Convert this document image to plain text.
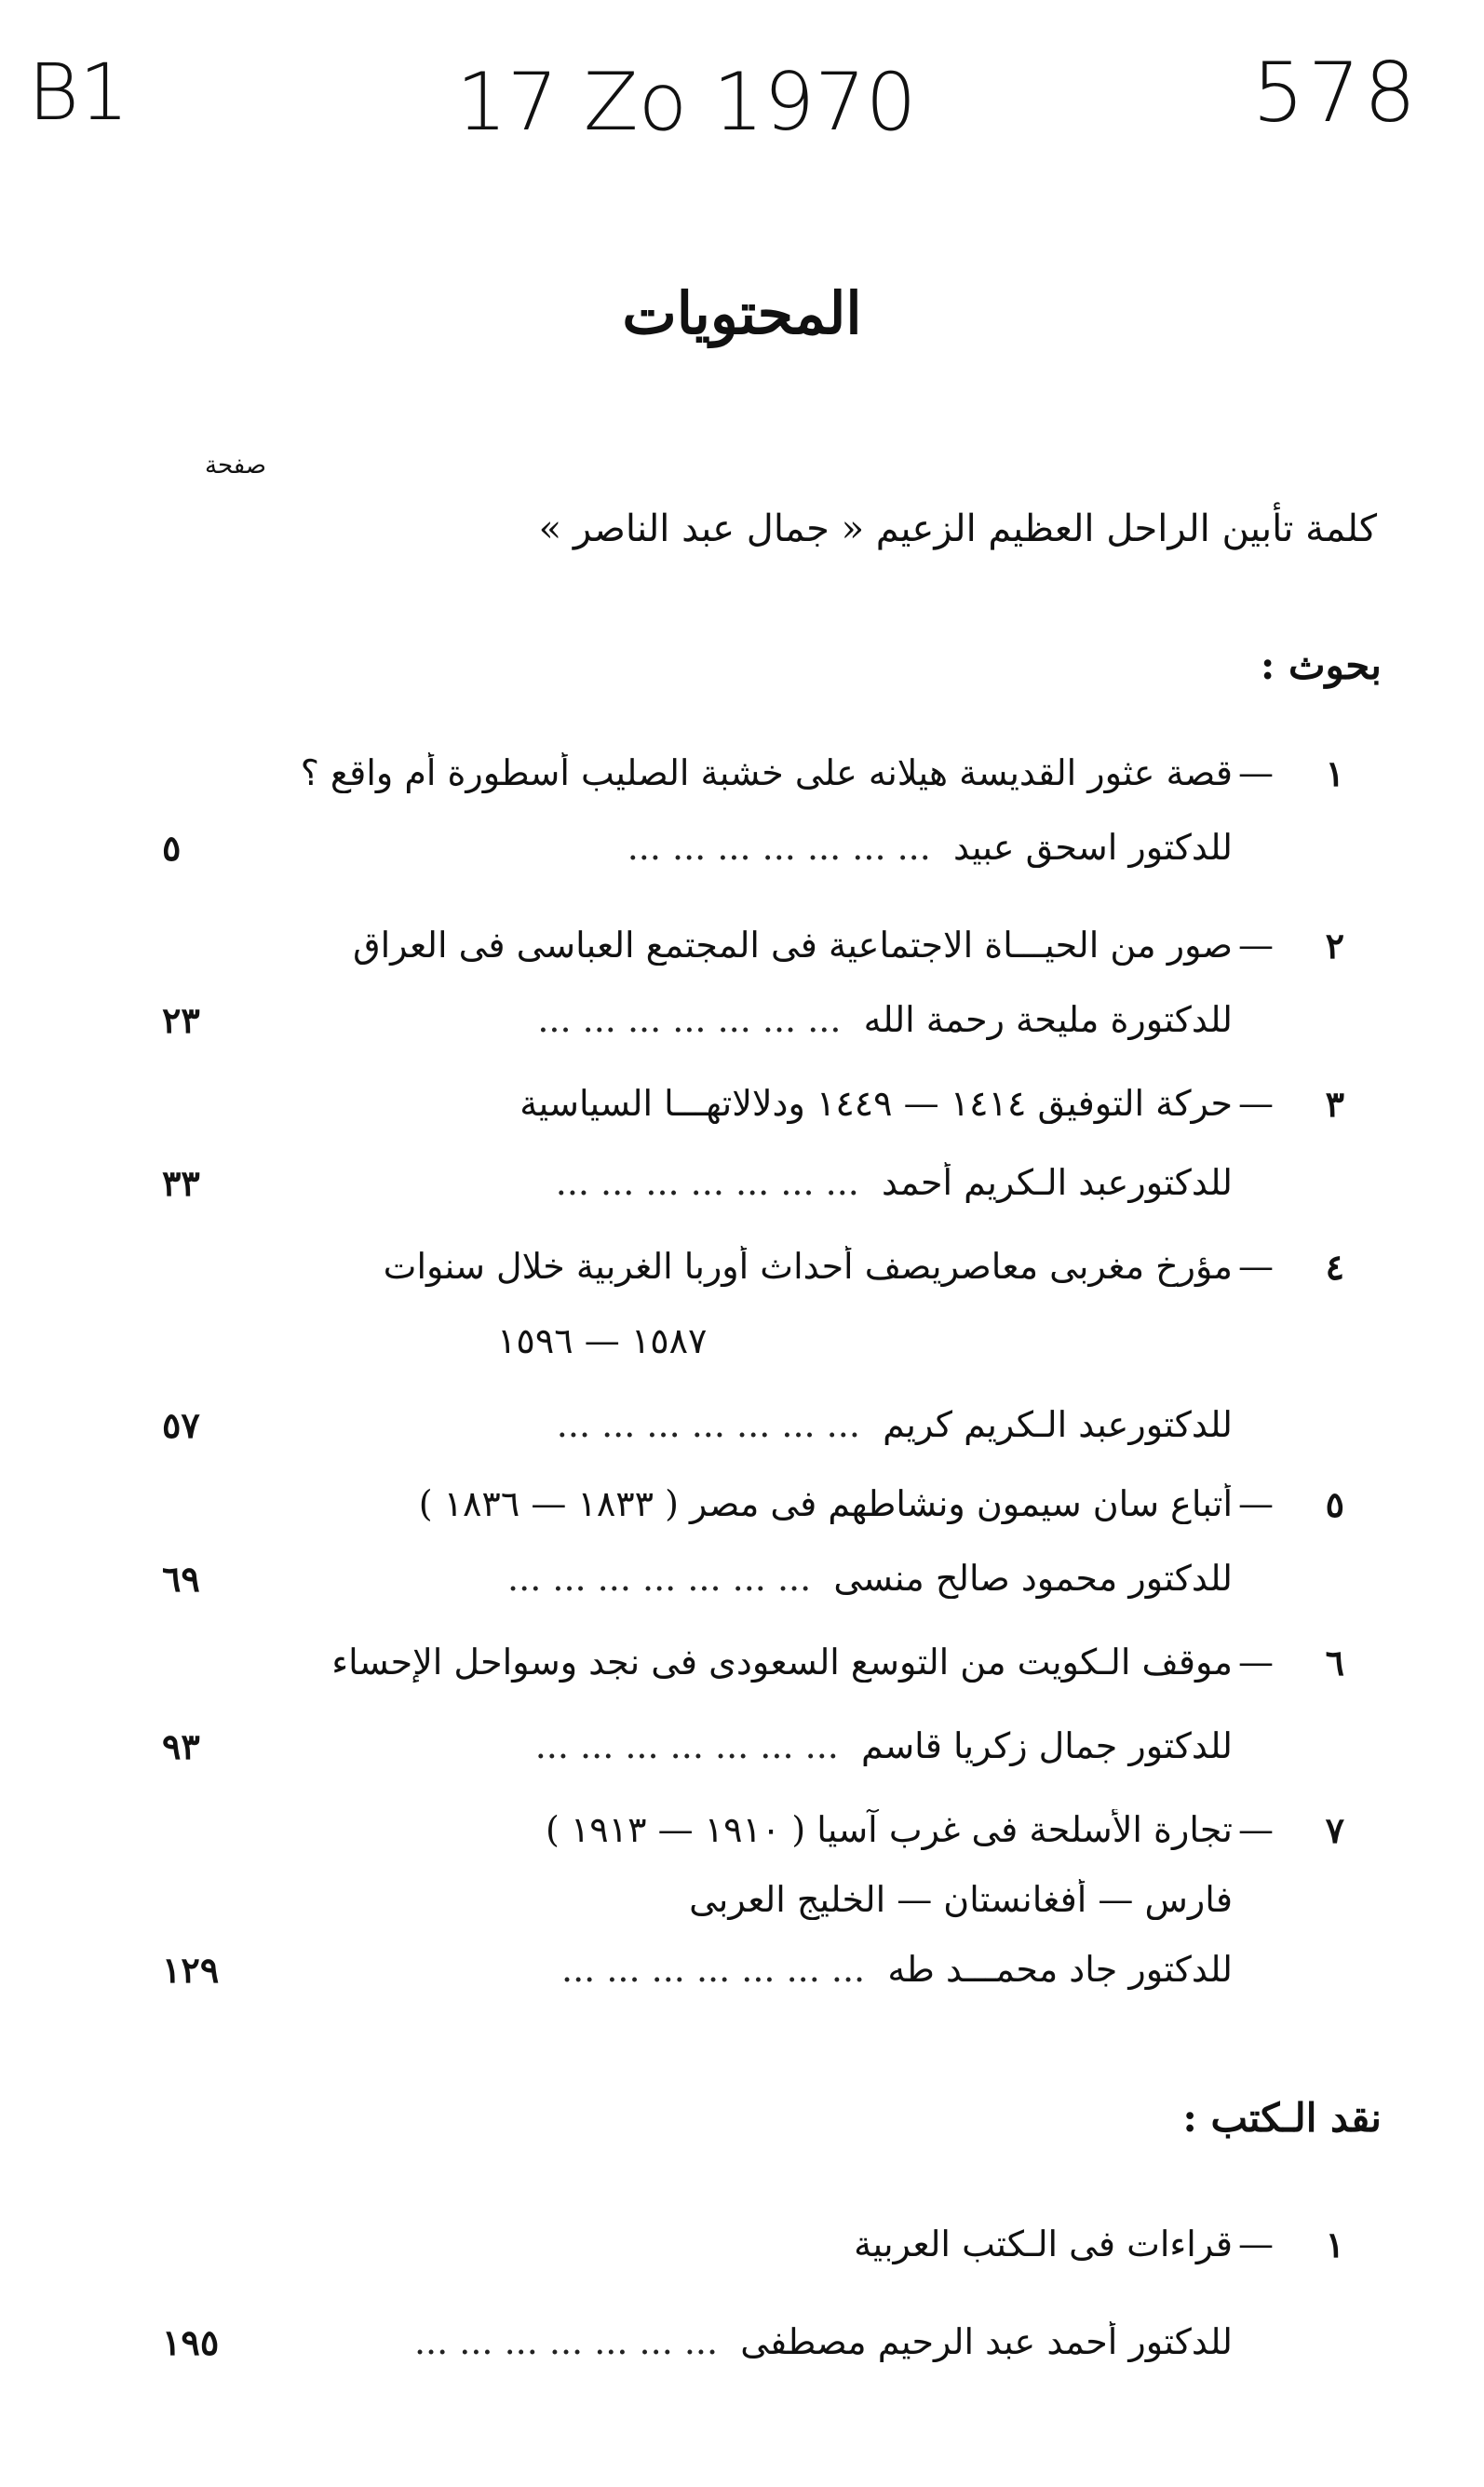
B1	17 Zo 1970	578
المحتويات
صفحة
كلمة تأبين الراحل العظيم الزعيم « جمال عبد الناصر »
بحوث :
١
—
قصة عثور القديسة هيلانه على خشبة الصليب أسطورة أم واقع ؟
للدكتور اسحق عبيد  ... ... ... ... ... ... ...
٥
٢
—
صور من الحيـــاة الاجتماعية فى المجتمع العباسى فى العراق
للدكتورة مليحة رحمة الله  ... ... ... ... ... ... ...
٢٣
٣
—
حركة التوفيق ١٤١٤ — ١٤٤٩ ودلالاتهـــا السياسية
للدكتورعبد الـكريم أحمد  ... ... ... ... ... ... ...
٣٣
٤
—
مؤرخ مغربى معاصريصف أحداث أوربا الغربية خلال سنوات
١٥٨٧ — ١٥٩٦
للدكتورعبد الـكريم كريم  ... ... ... ... ... ... ...
٥٧
٥
—
أتباع سان سيمون ونشاطهم فى مصر ( ١٨٣٣ — ١٨٣٦ )
للدكتور محمود صالح منسى  ... ... ... ... ... ... ...
٦٩
٦
—
موقف الـكويت من التوسع السعودى فى نجد وسواحل الإحساء
للدكتور جمال زكريا قاسم  ... ... ... ... ... ... ...
٩٣
٧
—
تجارة الأسلحة فى غرب آسيا ( ١٩١٠ — ١٩١٣ )
فارس — أفغانستان — الخليج العربى
للدكتور جاد محمـــد طه  ... ... ... ... ... ... ...
١٢٩
نقد الـكتب :
١
—
قراءات فى الـكتب العربية
للدكتور أحمد عبد الرحيم مصطفى  ... ... ... ... ... ... ...
١٩٥
